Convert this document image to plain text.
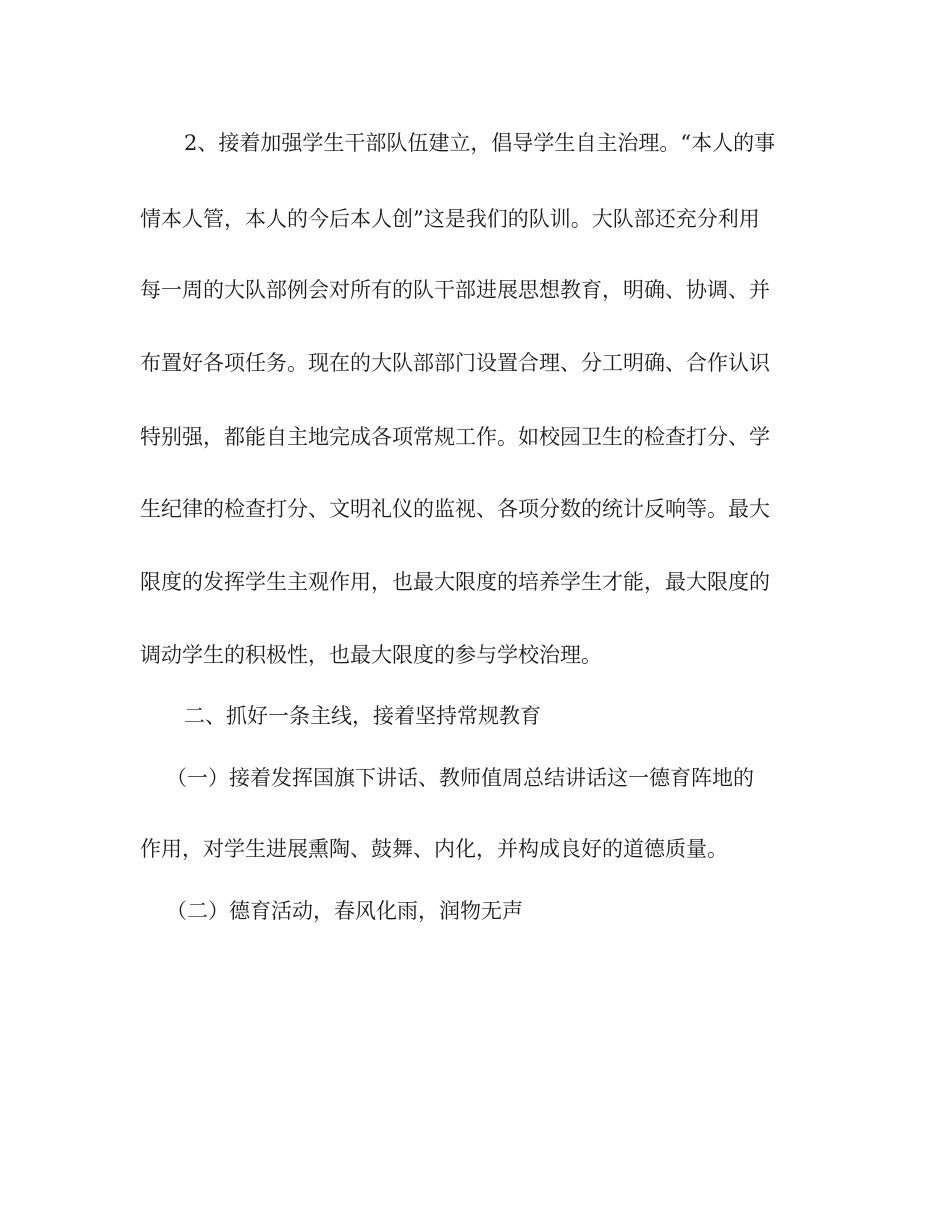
2、接着加强学生干部队伍建立，倡导学生自主治理。“本人的事
情本人管，本人的今后本人创”这是我们的队训。大队部还充分利用
每一周的大队部例会对所有的队干部进展思想教育，明确、协调、并
布置好各项任务。现在的大队部部门设置合理、分工明确、合作认识
特别强，都能自主地完成各项常规工作。如校园卫生的检查打分、学
生纪律的检查打分、文明礼仪的监视、各项分数的统计反响等。最大
限度的发挥学生主观作用，也最大限度的培养学生才能，最大限度的
调动学生的积极性，也最大限度的参与学校治理。
二、抓好一条主线，接着坚持常规教育
（一）接着发挥国旗下讲话、教师值周总结讲话这一德育阵地的
作用，对学生进展熏陶、鼓舞、内化，并构成良好的道德质量。
（二）德育活动，春风化雨，润物无声
